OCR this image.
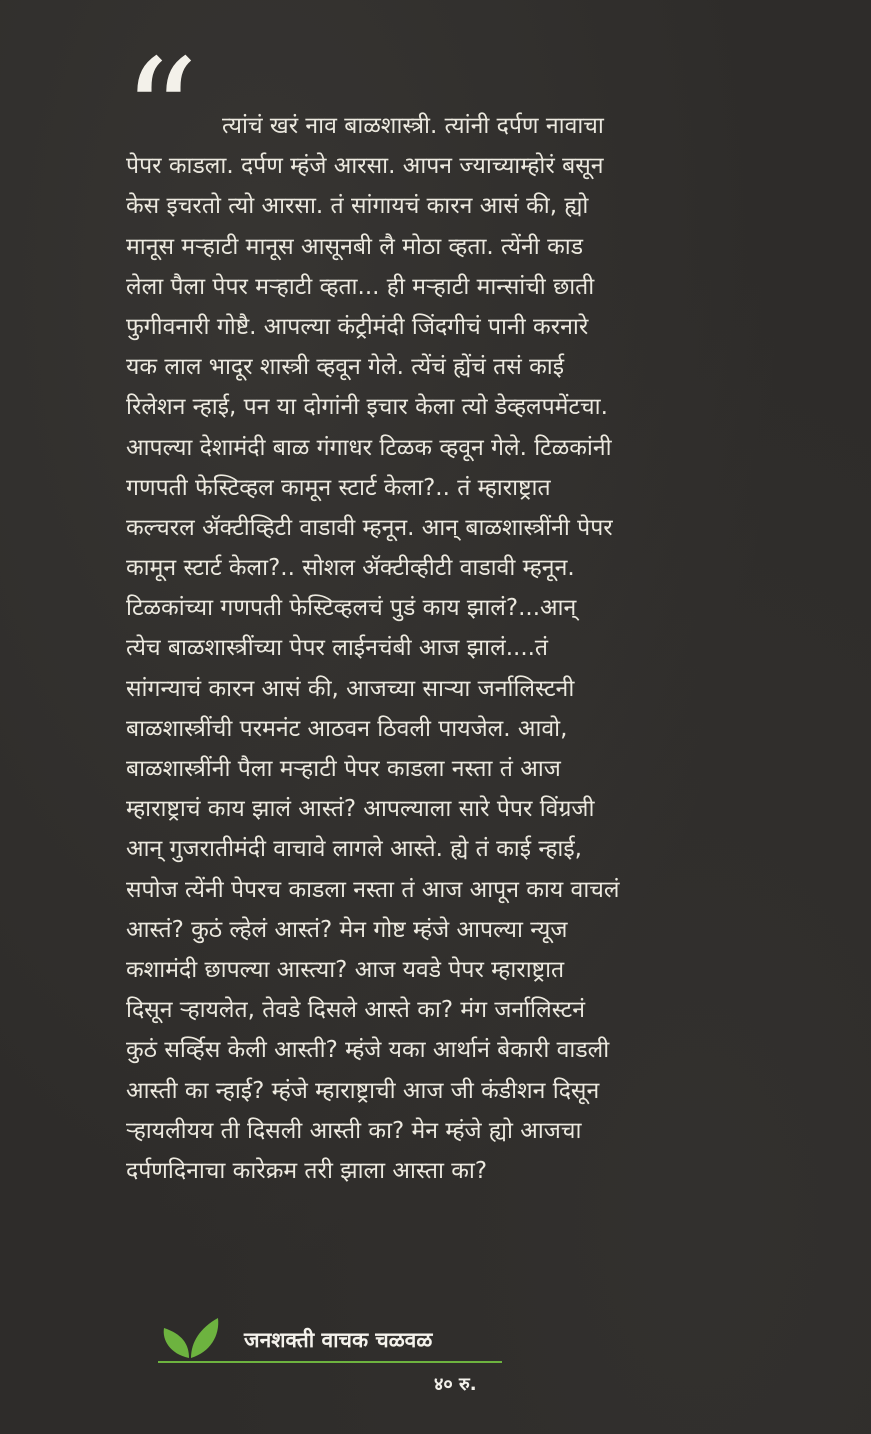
“	त्यांचं खरं नाव बाळशास्त्री. त्यांनी दर्पण नावाचा
पेपर काडला. दर्पण म्हंजे आरसा. आपन ज्याच्याम्होरं बसून
केस इचरतो त्यो आरसा. तं सांगायचं कारन आसं की, ह्यो
मानूस मऱ्हाटी मानूस आसूनबी लै मोठा व्हता. त्येंनी काड
लेला पैला पेपर मऱ्हाटी व्हता... ही मऱ्हाटी मान्सांची छाती
फुगीवनारी गोष्टै. आपल्या कंट्रीमंदी जिंदगीचं पानी करनारे
यक लाल भादूर शास्त्री व्हवून गेले. त्येंचं ह्येंचं तसं काई
रिलेशन न्हाई, पन या दोगांनी इचार केला त्यो डेव्हलपमेंटचा.
आपल्या देशामंदी बाळ गंगाधर टिळक व्हवून गेले. टिळकांनी
गणपती फेस्टिव्हल कामून स्टार्ट केला?.. तं म्हाराष्ट्रात
कल्चरल ॲक्टीव्हिटी वाडावी म्हनून. आन् बाळशास्त्रींनी पेपर
कामून स्टार्ट केला?.. सोशल ॲक्टीव्हीटी वाडावी म्हनून.
टिळकांच्या गणपती फेस्टिव्हलचं पुडं काय झालं?...आन्
त्येच बाळशास्त्रींच्या पेपर लाईनचंबी आज झालं....तं
सांगन्याचं कारन आसं की, आजच्या साऱ्या जर्नालिस्टनी
बाळशास्त्रींची परमनंट आठवन ठिवली पायजेल. आवो,
बाळशास्त्रींनी पैला मऱ्हाटी पेपर काडला नस्ता तं आज
म्हाराष्ट्राचं काय झालं आस्तं? आपल्याला सारे पेपर विंग्रजी
आन् गुजरातीमंदी वाचावे लागले आस्ते. ह्ये तं काई न्हाई,
सपोज त्येंनी पेपरच काडला नस्ता तं आज आपून काय वाचलं
आस्तं? कुठं ल्हेलं आस्तं? मेन गोष्ट म्हंजे आपल्या न्यूज
कशामंदी छापल्या आस्त्या? आज यवडे पेपर म्हाराष्ट्रात
दिसून ऱ्हायलेत, तेवडे दिसले आस्ते का? मंग जर्नालिस्टनं
कुठं सर्व्हिस केली आस्ती? म्हंजे यका आर्थानं बेकारी वाडली
आस्ती का न्हाई? म्हंजे म्हाराष्ट्राची आज जी कंडीशन दिसून
ऱ्हायलीयय ती दिसली आस्ती का? मेन म्हंजे ह्यो आजचा
दर्पणदिनाचा कारेक्रम तरी झाला आस्ता का?
जनशक्ती वाचक चळवळ
४० रु.
